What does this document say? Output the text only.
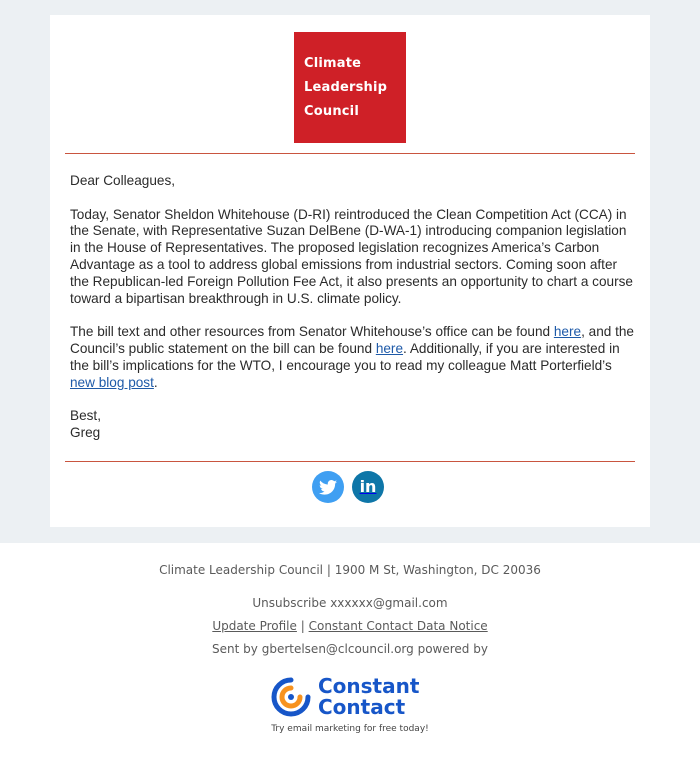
Climate
Leadership
Council

Dear Colleagues,

Today, Senator Sheldon Whitehouse (D-RI) reintroduced the Clean Competition Act (CCA) in the Senate, with Representative Suzan DelBene (D-WA-1) introducing companion legislation in the House of Representatives. The proposed legislation recognizes America’s Carbon Advantage as a tool to address global emissions from industrial sectors. Coming soon after the Republican-led Foreign Pollution Fee Act, it also presents an opportunity to chart a course toward a bipartisan breakthrough in U.S. climate policy.

The bill text and other resources from Senator Whitehouse’s office can be found here, and the Council’s public statement on the bill can be found here. Additionally, if you are interested in the bill’s implications for the WTO, I encourage you to read my colleague Matt Porterfield’s new blog post.

Best,
Greg

in
Climate Leadership Council | 1900 M St, Washington, DC 20036
Unsubscribe xxxxxx@gmail.com
Update Profile | Constant Contact Data Notice
Sent by gbertelsen@clcouncil.org powered by
Constant
Contact
Try email marketing for free today!
